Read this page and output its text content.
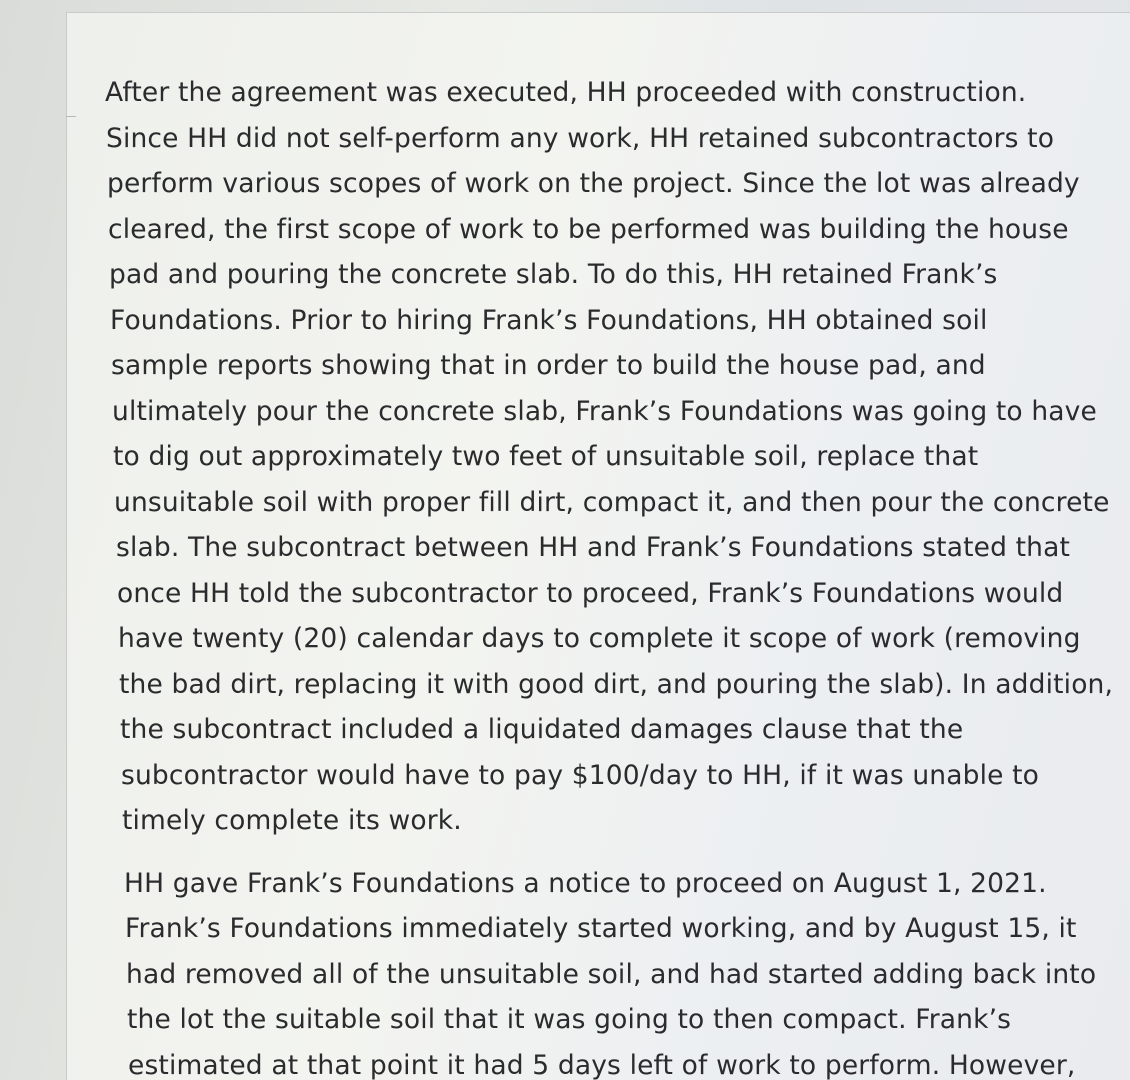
After the agreement was executed, HH proceeded with construction.
Since HH did not self-perform any work, HH retained subcontractors to
perform various scopes of work on the project. Since the lot was already
cleared, the first scope of work to be performed was building the house
pad and pouring the concrete slab. To do this, HH retained Frank’s
Foundations. Prior to hiring Frank’s Foundations, HH obtained soil
sample reports showing that in order to build the house pad, and
ultimately pour the concrete slab, Frank’s Foundations was going to have
to dig out approximately two feet of unsuitable soil, replace that
unsuitable soil with proper fill dirt, compact it, and then pour the concrete
slab. The subcontract between HH and Frank’s Foundations stated that
once HH told the subcontractor to proceed, Frank’s Foundations would
have twenty (20) calendar days to complete it scope of work (removing
the bad dirt, replacing it with good dirt, and pouring the slab). In addition,
the subcontract included a liquidated damages clause that the
subcontractor would have to pay $100/day to HH, if it was unable to
timely complete its work.

HH gave Frank’s Foundations a notice to proceed on August 1, 2021.
Frank’s Foundations immediately started working, and by August 15, it
had removed all of the unsuitable soil, and had started adding back into
the lot the suitable soil that it was going to then compact. Frank’s
estimated at that point it had 5 days left of work to perform. However,
